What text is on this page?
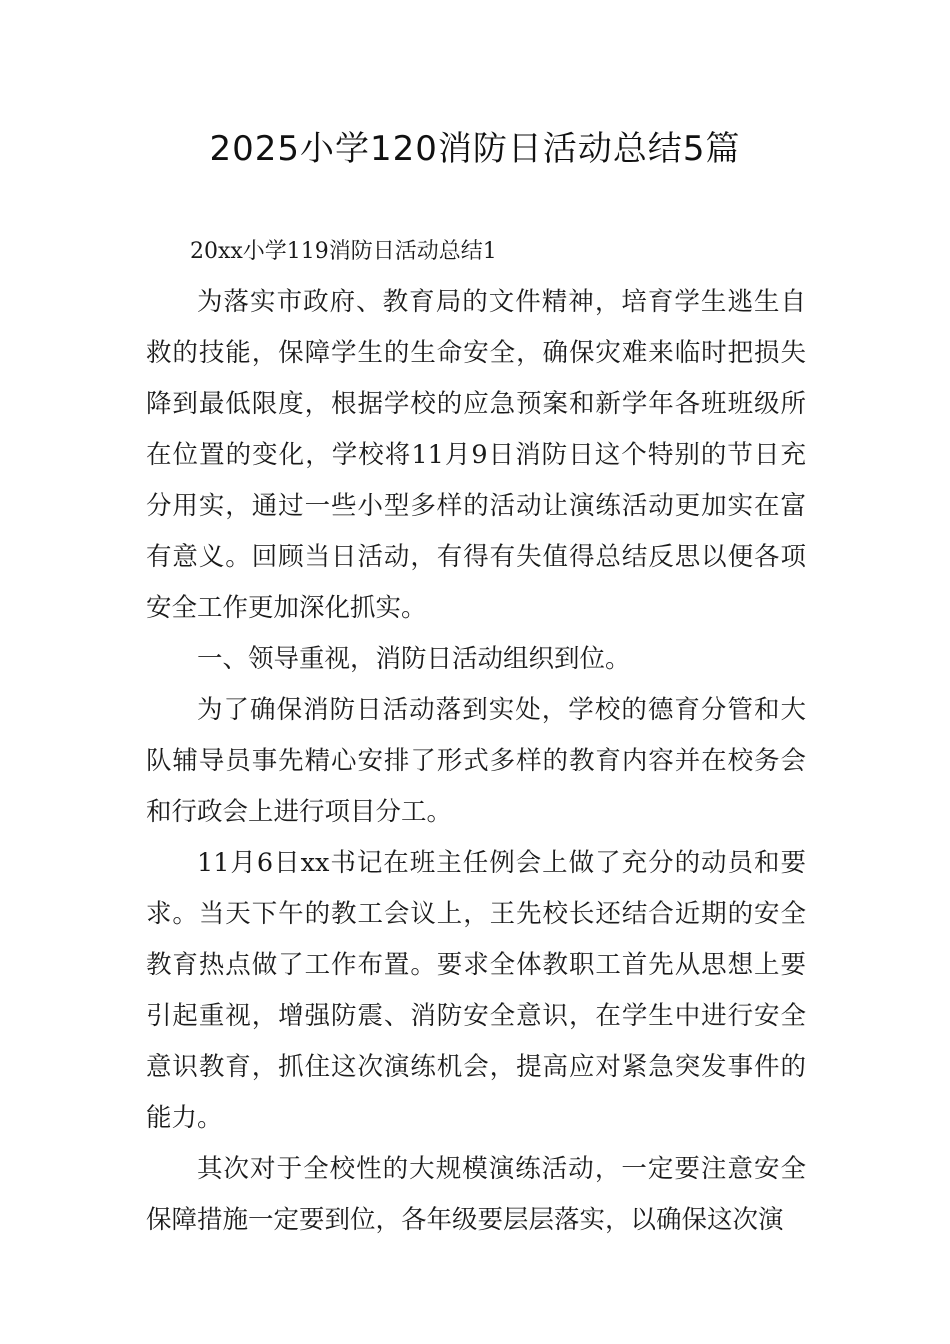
2025小学120消防日活动总结5篇

20xx小学119消防日活动总结1

为落实市政府、教育局的文件精神，培育学生逃生自救的技能，保障学生的生命安全，确保灾难来临时把损失降到最低限度，根据学校的应急预案和新学年各班班级所在位置的变化，学校将11月9日消防日这个特别的节日充分用实，通过一些小型多样的活动让演练活动更加实在富有意义。回顾当日活动，有得有失值得总结反思以便各项安全工作更加深化抓实。

一、领导重视，消防日活动组织到位。

为了确保消防日活动落到实处，学校的德育分管和大队辅导员事先精心安排了形式多样的教育内容并在校务会和行政会上进行项目分工。

11月6日xx书记在班主任例会上做了充分的动员和要求。当天下午的教工会议上，王先校长还结合近期的安全教育热点做了工作布置。要求全体教职工首先从思想上要引起重视，增强防震、消防安全意识，在学生中进行安全意识教育，抓住这次演练机会，提高应对紧急突发事件的能力。

其次对于全校性的大规模演练活动，一定要注意安全保障措施一定要到位，各年级要层层落实，以确保这次演
